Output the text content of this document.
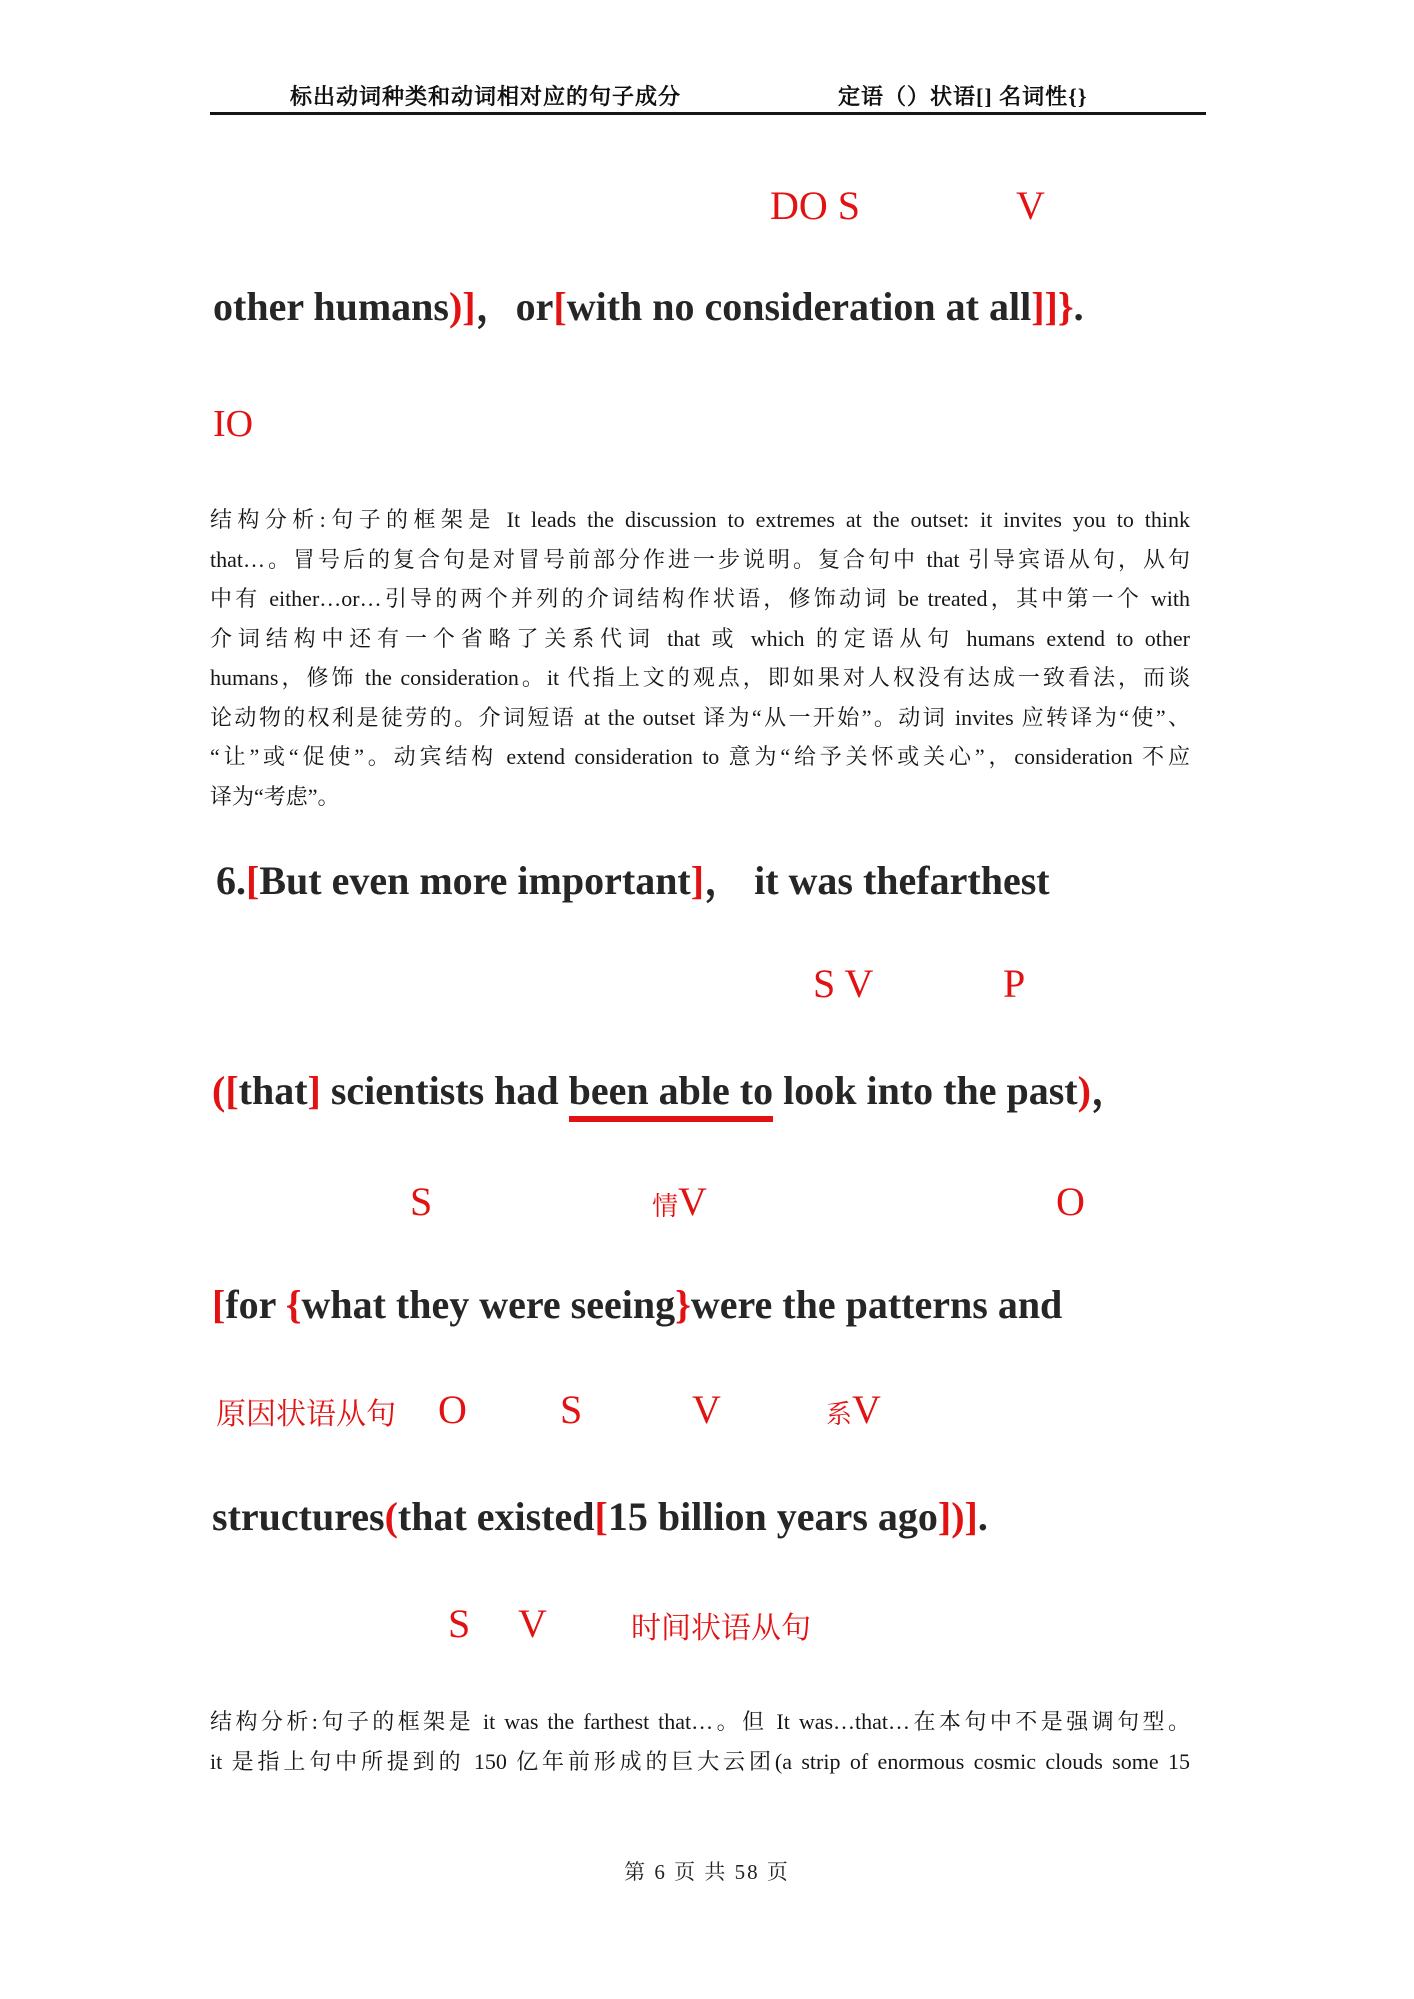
标出动词种类和动词相对应的句子成分	定语（）状语[] 名词性{}
DO S	V
other humans)]，or[with no consideration at all]]}.
IO
结构分析:句子的框架是 It leads the discussion to extremes at the outset: it invites you to think
that…。冒号后的复合句是对冒号前部分作进一步说明。复合句中 that 引导宾语从句，从句
中有 either…or…引导的两个并列的介词结构作状语，修饰动词 be treated，其中第一个 with
介词结构中还有一个省略了关系代词 that 或 which 的定语从句 humans extend to other
humans，修饰 the consideration。it 代指上文的观点，即如果对人权没有达成一致看法，而谈
论动物的权利是徒劳的。介词短语 at the outset 译为“从一开始”。动词 invites 应转译为“使”、
“让”或“促使”。动宾结构 extend consideration to 意为“给予关怀或关心”，consideration 不应
译为“考虑”。
6.[But even more important]， it was thefarthest
S V	P
([that] scientists had been able to look into the past)，
S	情V	O
[for {what they were seeing}were the patterns and
原因状语从句 O S	V	系V
structures(that existed[15 billion years ago])].
S V	时间状语从句
结构分析:句子的框架是 it was the farthest that…。但 It was…that…在本句中不是强调句型。
it 是指上句中所提到的 150 亿年前形成的巨大云团(a strip of enormous cosmic clouds some 15
第 6 页 共 58 页
